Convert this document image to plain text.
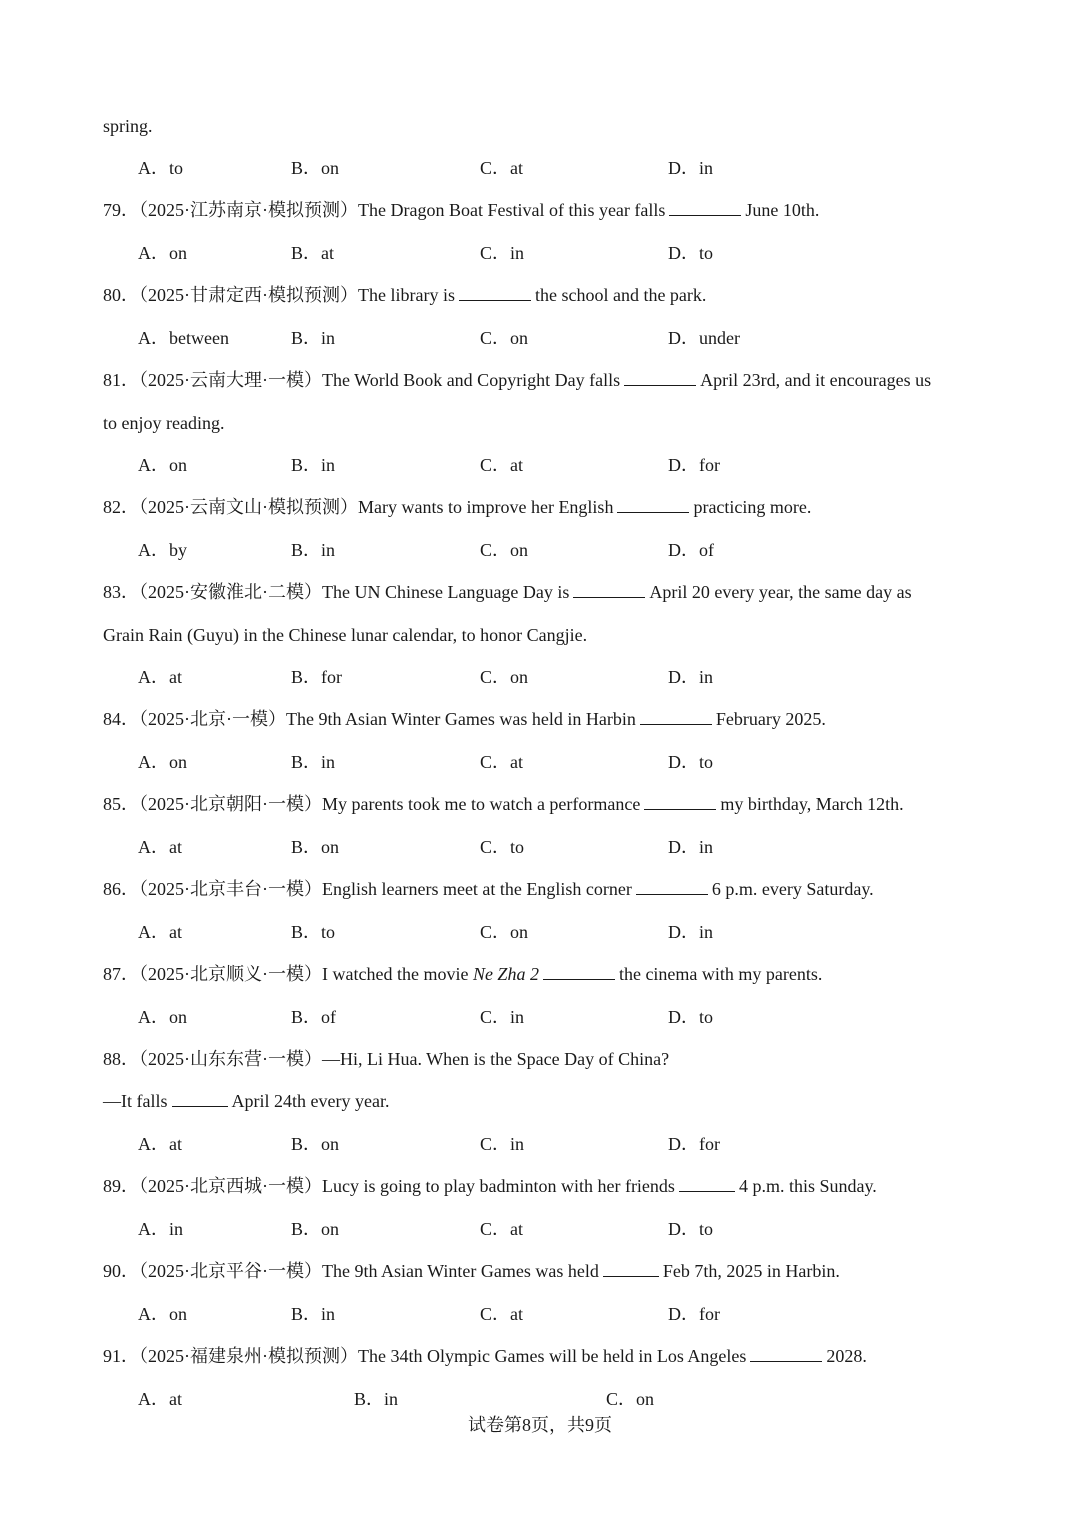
spring.
A．to	B．on	C．at	D．in
79．（2025·江苏南京·模拟预测）The Dragon Boat Festival of this year falls	June 10th.
A．on	B．at	C．in	D．to
80．（2025·甘肃定西·模拟预测）The library is	the school and the park.
A．between	B．in	C．on	D．under
81．（2025·云南大理·一模）The World Book and Copyright Day falls	April 23rd, and it encourages us
to enjoy reading.
A．on	B．in	C．at	D．for
82．（2025·云南文山·模拟预测）Mary wants to improve her English	practicing more.
A．by	B．in	C．on	D．of
83．（2025·安徽淮北·二模）The UN Chinese Language Day is	April 20 every year, the same day as
Grain Rain (Guyu) in the Chinese lunar calendar, to honor Cangjie.
A．at	B．for	C．on	D．in
84．（2025·北京·一模）The 9th Asian Winter Games was held in Harbin	February 2025.
A．on	B．in	C．at	D．to
85．（2025·北京朝阳·一模）My parents took me to watch a performance	my birthday, March 12th.
A．at	B．on	C．to	D．in
86．（2025·北京丰台·一模）English learners meet at the English corner	6 p.m. every Saturday.
A．at	B．to	C．on	D．in
87．（2025·北京顺义·一模）I watched the movie Ne Zha 2	the cinema with my parents.
A．on	B．of	C．in	D．to
88．（2025·山东东营·一模）—Hi, Li Hua. When is the Space Day of China?
—It falls	April 24th every year.
A．at	B．on	C．in	D．for
89．（2025·北京西城·一模）Lucy is going to play badminton with her friends	4 p.m. this Sunday.
A．in	B．on	C．at	D．to
90．（2025·北京平谷·一模）The 9th Asian Winter Games was held	Feb 7th, 2025 in Harbin.
A．on	B．in	C．at	D．for
91．（2025·福建泉州·模拟预测）The 34th Olympic Games will be held in Los Angeles	2028.
A．at	B．in	C．on
试卷第8页，共9页
